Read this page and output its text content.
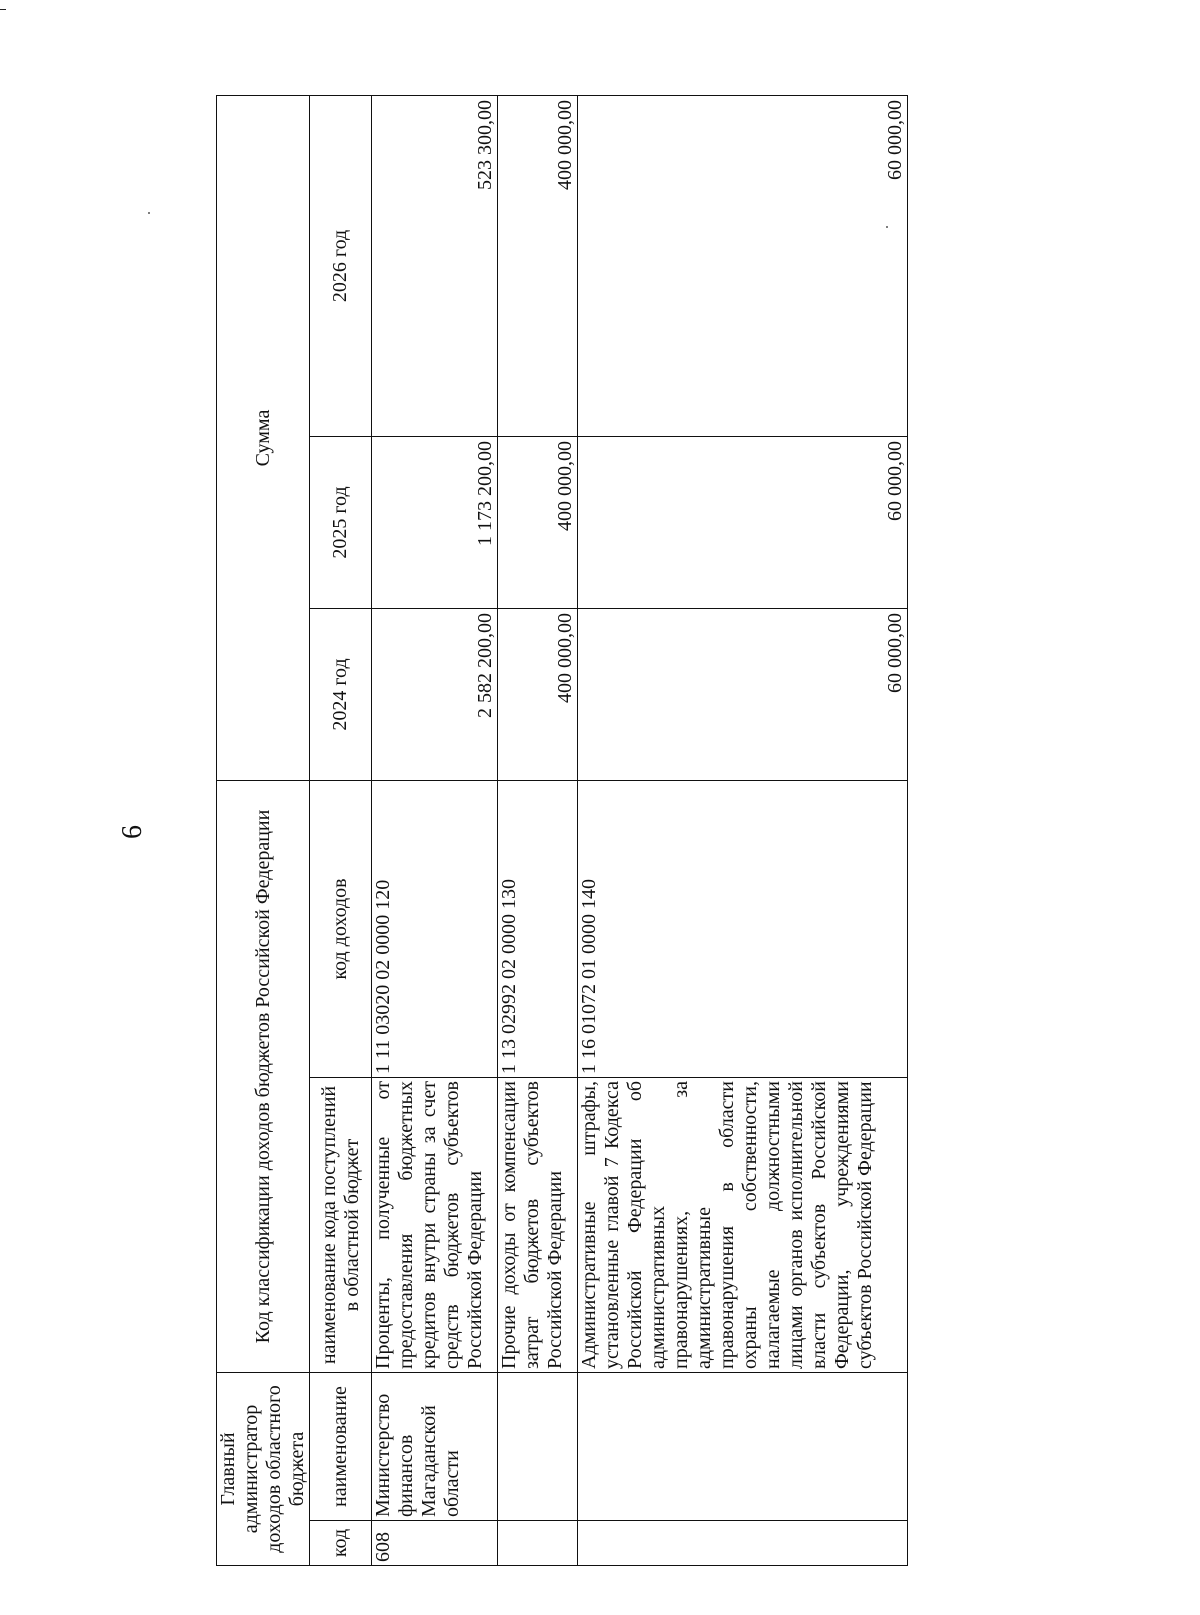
6
Главный администратор доходов областного бюджета		Код классификации доходов бюджетов Российской Федерации		Сумма		
код	наименование	наименование кода поступлений в областной бюджет	код доходов	2024 год	2025 год	2026 год
608	Министерство финансов Магаданской области	Проценты, полученные от предоставления бюджетных кредитов внутри страны за счет средств бюджетов субъектов Российской Федерации	1 11 03020 02 0000 120	2 582 200,00	1 173 200,00	523 300,00
		Прочие доходы от компенсации затрат бюджетов субъектов Российской Федерации	1 13 02992 02 0000 130	400 000,00	400 000,00	400 000,00
		Административные штрафы, установленные главой 7 Кодекса Российской Федерации об административных правонарушениях, за административные правонарушения в области охраны собственности, налагаемые должностными лицами органов исполнительной власти субъектов Российской Федерации, учреждениями субъектов Российской Федерации	1 16 01072 01 0000 140	60 000,00	60 000,00	60 000,00
